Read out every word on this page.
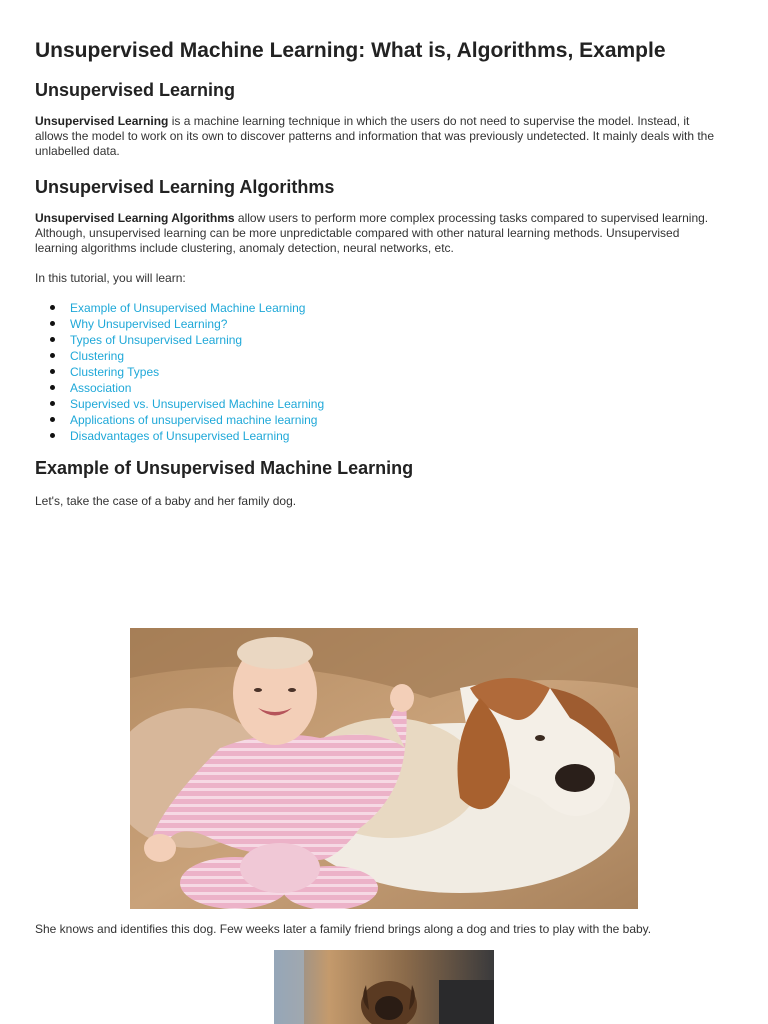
Unsupervised Machine Learning: What is, Algorithms, Example
Unsupervised Learning

Unsupervised Learning is a machine learning technique in which the users do not need to supervise the model. Instead, it allows the model to work on its own to discover patterns and information that was previously undetected. It mainly deals with the unlabelled data.

Unsupervised Learning Algorithms

Unsupervised Learning Algorithms allow users to perform more complex processing tasks compared to supervised learning. Although, unsupervised learning can be more unpredictable compared with other natural learning methods. Unsupervised learning algorithms include clustering, anomaly detection, neural networks, etc.

In this tutorial, you will learn:

Example of Unsupervised Machine Learning
Why Unsupervised Learning?
Types of Unsupervised Learning
Clustering
Clustering Types
Association
Supervised vs. Unsupervised Machine Learning
Applications of unsupervised machine learning
Disadvantages of Unsupervised Learning
Example of Unsupervised Machine Learning

Let's, take the case of a baby and her family dog.

She knows and identifies this dog. Few weeks later a family friend brings along a dog and tries to play with the baby.
